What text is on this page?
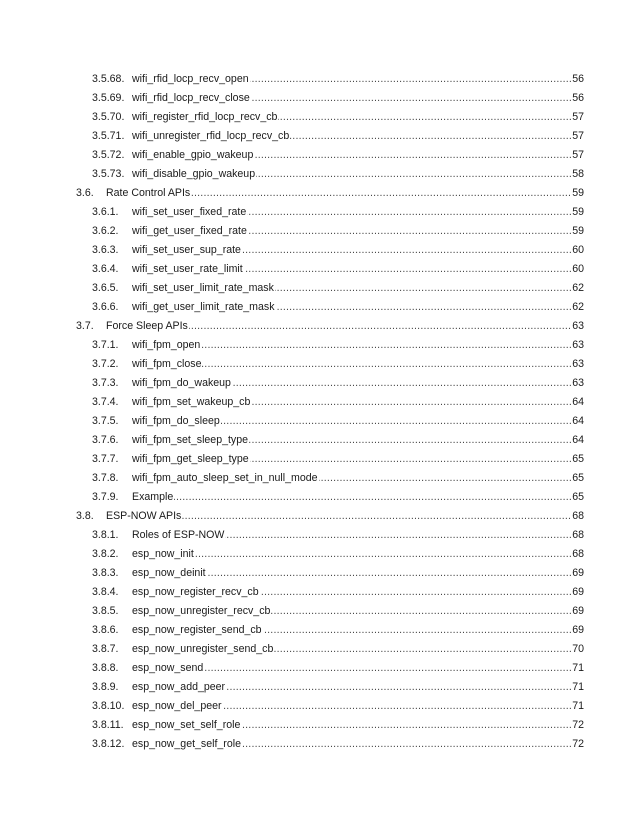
3.5.68. wifi_rfid_locp_recv_open .....	56
3.5.69. wifi_rfid_locp_recv_close .....	56
3.5.70. wifi_register_rfid_locp_recv_cb .....	57
3.5.71. wifi_unregister_rfid_locp_recv_cb .....	57
3.5.72. wifi_enable_gpio_wakeup .....	57
3.5.73. wifi_disable_gpio_wakeup .....	58
3.6. Rate Control APIs .....	59
3.6.1. wifi_set_user_fixed_rate .....	59
3.6.2. wifi_get_user_fixed_rate .....	59
3.6.3. wifi_set_user_sup_rate .....	60
3.6.4. wifi_set_user_rate_limit .....	60
3.6.5. wifi_set_user_limit_rate_mask .....	62
3.6.6. wifi_get_user_limit_rate_mask .....	62
3.7. Force Sleep APIs .....	63
3.7.1. wifi_fpm_open .....	63
3.7.2. wifi_fpm_close .....	63
3.7.3. wifi_fpm_do_wakeup .....	63
3.7.4. wifi_fpm_set_wakeup_cb .....	64
3.7.5. wifi_fpm_do_sleep .....	64
3.7.6. wifi_fpm_set_sleep_type .....	64
3.7.7. wifi_fpm_get_sleep_type .....	65
3.7.8. wifi_fpm_auto_sleep_set_in_null_mode .....	65
3.7.9. Example .....	65
3.8. ESP-NOW APIs .....	68
3.8.1. Roles of ESP-NOW .....	68
3.8.2. esp_now_init .....	68
3.8.3. esp_now_deinit .....	69
3.8.4. esp_now_register_recv_cb .....	69
3.8.5. esp_now_unregister_recv_cb .....	69
3.8.6. esp_now_register_send_cb .....	69
3.8.7. esp_now_unregister_send_cb .....	70
3.8.8. esp_now_send .....	71
3.8.9. esp_now_add_peer .....	71
3.8.10. esp_now_del_peer .....	71
3.8.11. esp_now_set_self_role .....	72
3.8.12. esp_now_get_self_role .....	72
